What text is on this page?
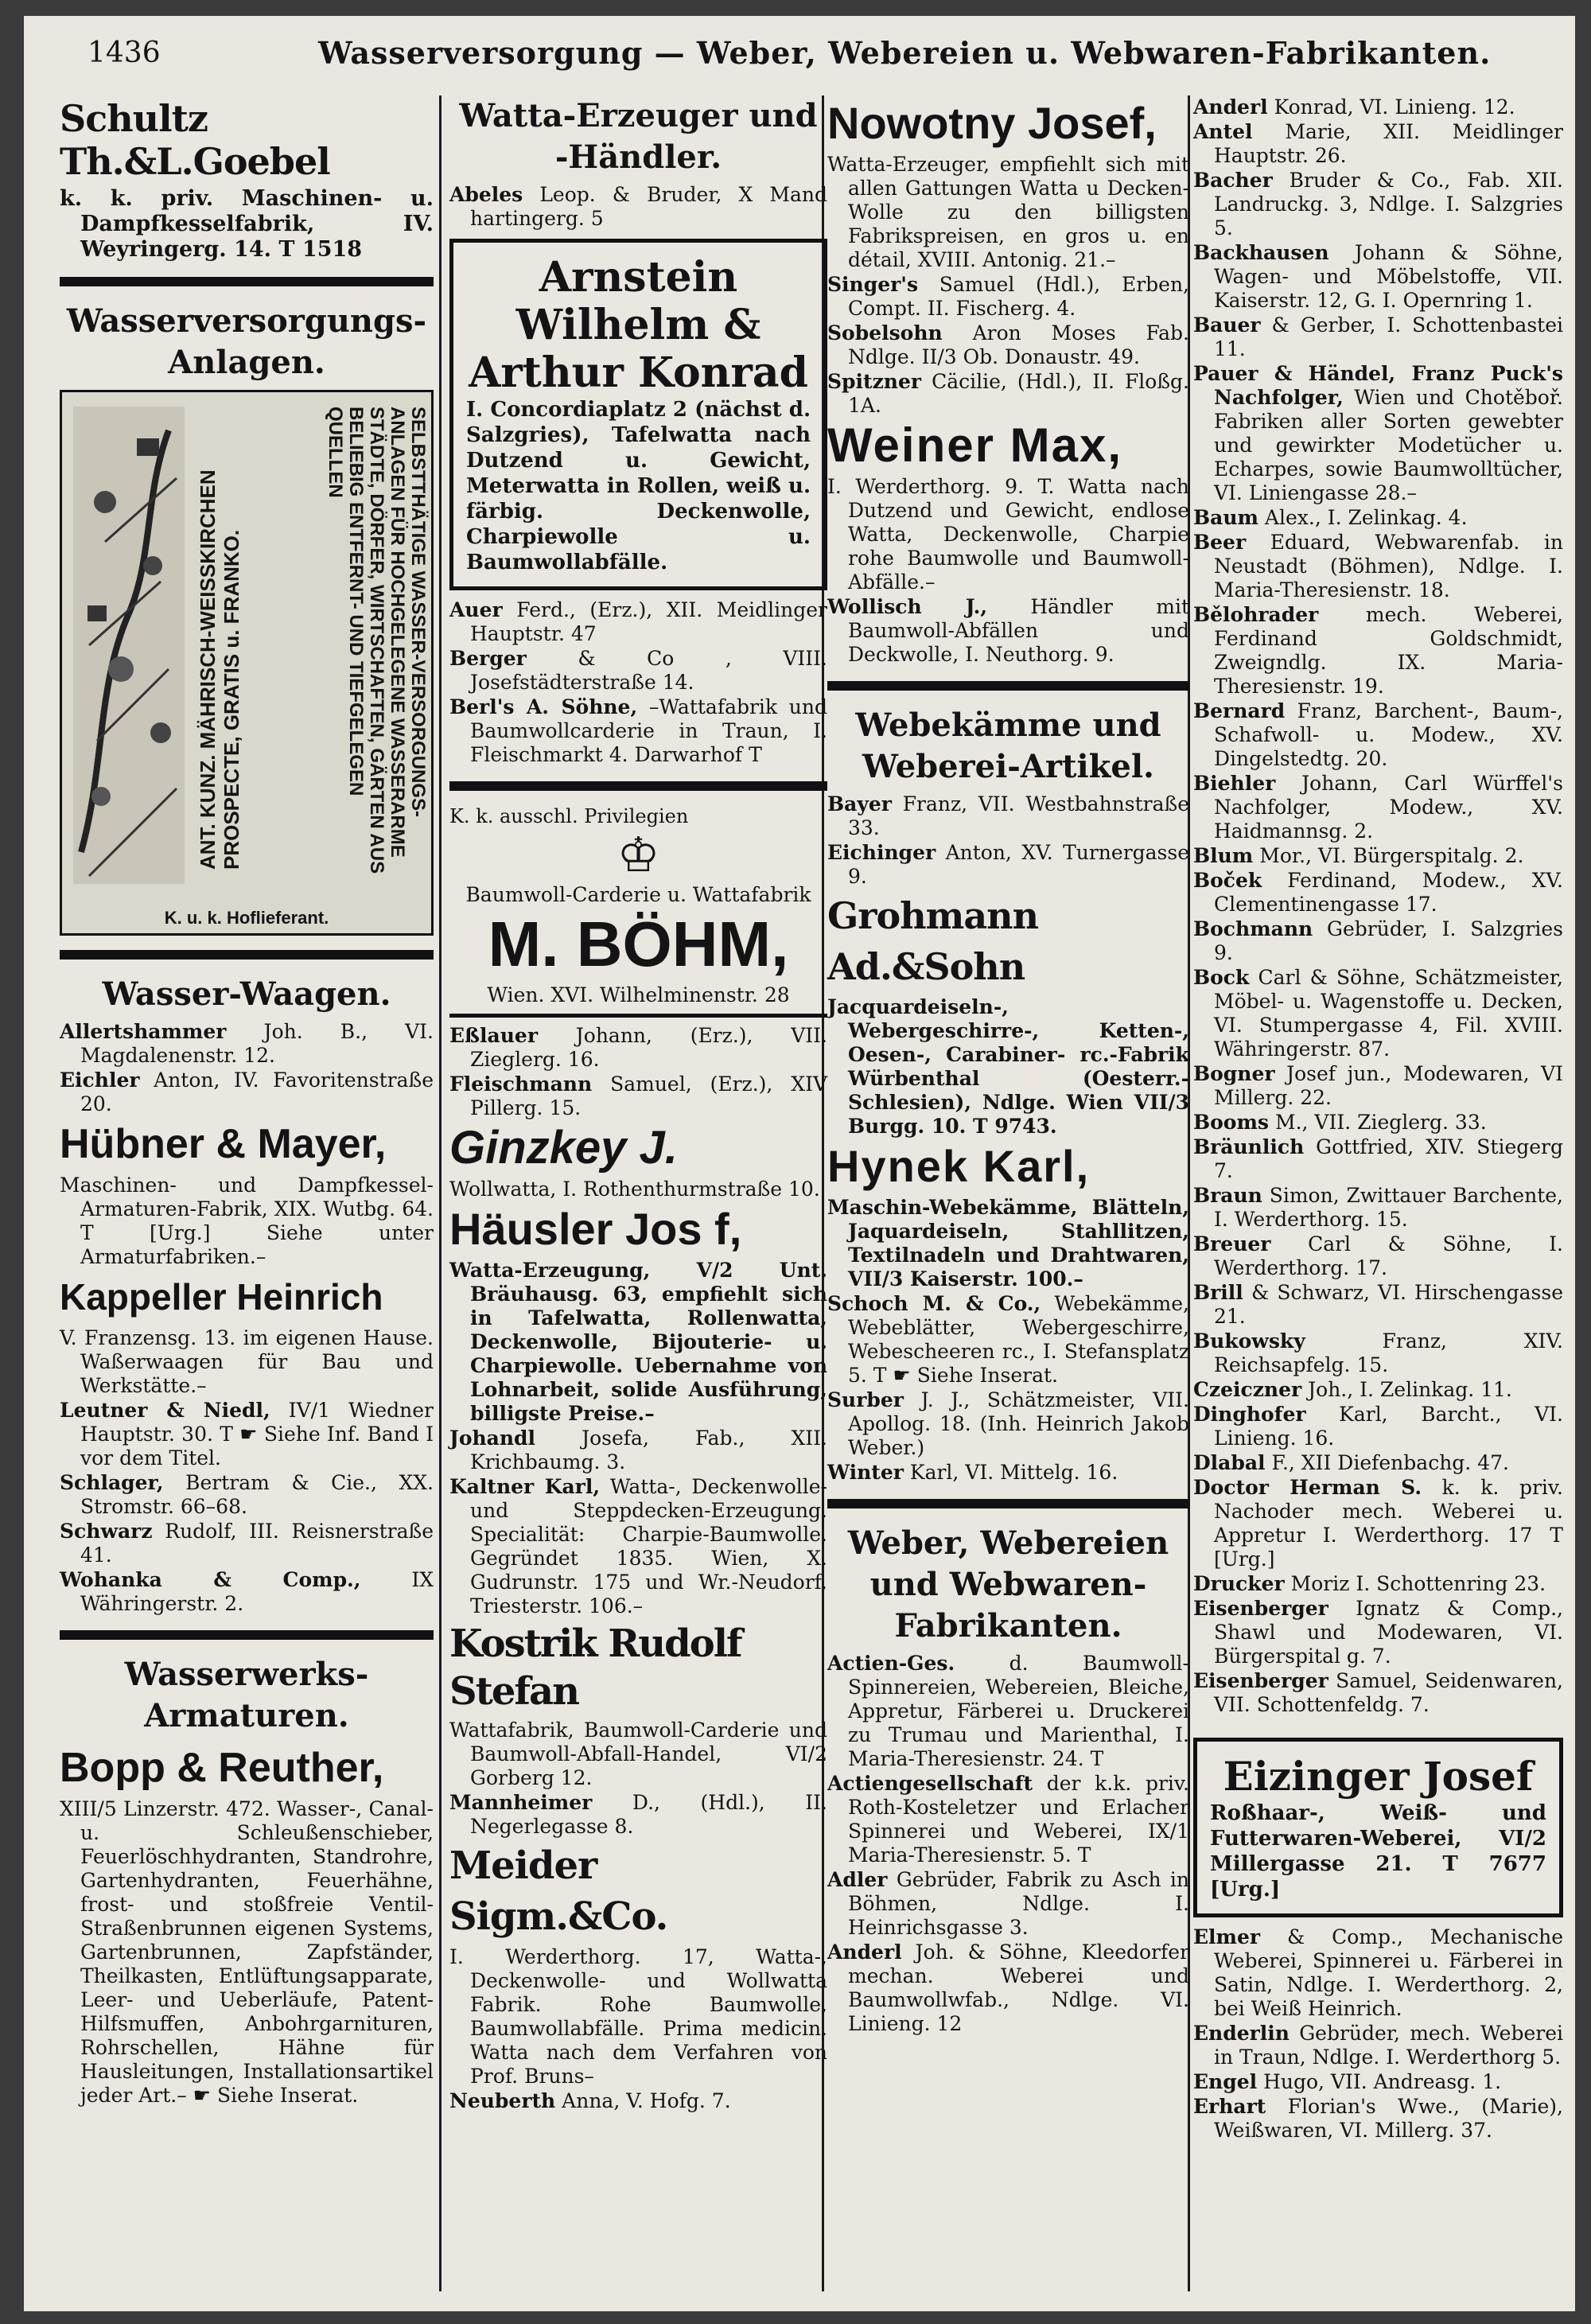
1436	Wasserversorgung — Weber, Webereien u. Webwaren-Fabrikanten.
Schultz Th.&L.Goebel
k. k. priv. Maschinen- u. Dampfkesselfabrik, IV. Weyringerg. 14. T 1518
Wasserversorgungs-Anlagen.
ANT. KUNZ. MÄHRISCH-WEISSKIRCHEN PROSPECTE, GRATIS u. FRANKO.	SELBSTTHÄTIGE WASSER-VERSORGUNGS-ANLAGEN FÜR HOCHGELEGENE WASSERARME STÄDTE, DÖRFER, WIRTSCHAFTEN, GÄRTEN AUS BELIEBIG ENTFERNT- UND TIEFGELEGEN QUELLEN
K. u. k. Hoflieferant.
Wasser-Waagen.

Allertshammer Joh. B., VI. Magdalenenstr. 12.

Eichler Anton, IV. Favoritenstraße 20.

Hübner & Mayer,

Maschinen- und Dampfkessel-Armaturen-Fabrik, XIX. Wutbg. 64. T [Urg.] Siehe unter Armaturfabriken.–

Kappeller Heinrich

V. Franzensg. 13. im eigenen Hause. Waßerwaagen für Bau und Werkstätte.–

Leutner & Niedl, IV/1 Wiedner Hauptstr. 30. T ☛ Siehe Inf. Band I vor dem Titel.

Schlager, Bertram & Cie., XX. Stromstr. 66–68.

Schwarz Rudolf, III. Reisnerstraße 41.

Wohanka & Comp.,	IX Währingerstr. 2.

Wasserwerks-Armaturen.
Bopp & Reuther,

XIII/5 Linzerstr. 472. Wasser-, Canal- u. Schleußenschieber, Feuerlöschhydranten, Standrohre, Gartenhydranten, Feuerhähne, frost- und stoßfreie Ventil-Straßenbrunnen eigenen Systems, Gartenbrunnen, Zapfständer, Theilkasten, Entlüftungsapparate, Leer- und Ueberläufe, Patent-Hilfsmuffen, Anbohrgarnituren, Rohrschellen, Hähne für Hausleitungen, Installationsartikel jeder Art.– ☛ Siehe Inserat.

Watta-Erzeuger und -Händler.

Abeles Leop. & Bruder, X Mand hartingerg. 5

Arnstein Wilhelm & Arthur Konrad
I. Concordiaplatz 2 (nächst d. Salzgries), Tafelwatta nach Dutzend u. Gewicht, Meterwatta in Rollen, weiß u. färbig. Deckenwolle, Charpiewolle u. Baumwollabfälle.

Auer Ferd., (Erz.), XII. Meidlinger Hauptstr. 47

Berger	& Co , VIII. Josefstädterstraße 14.

Berl's A. Söhne, –Wattafabrik und Baumwollcarderie in Traun, I. Fleischmarkt 4. Darwarhof T

K. k. ausschl. Privilegien
♔

Baumwoll-Carderie u. Wattafabrik

M. BÖHM,

Wien. XVI. Wilhelminenstr. 28

Eßlauer Johann, (Erz.), VII. Zieglerg. 16.

Fleischmann Samuel, (Erz.), XIV Pillerg. 15.

Ginzkey J.

Wollwatta, I. Rothenthurmstraße 10.

Häusler Jos f,

Watta-Erzeugung, V/2 Unt. Bräuhausg. 63, empfiehlt sich in Tafelwatta, Rollenwatta, Deckenwolle, Bijouterie- u. Charpiewolle. Uebernahme von Lohnarbeit, solide Ausführung, billigste Preise.–

Johandl Josefa, Fab., XII. Krichbaumg. 3.

Kaltner Karl, Watta-, Deckenwolle- und Steppdecken-Erzeugung. Specialität: Charpie-Baumwolle. Gegründet 1835. Wien, X. Gudrunstr. 175 und Wr.-Neudorf, Triesterstr. 106.–

Kostrik Rudolf Stefan

Wattafabrik, Baumwoll-Carderie und Baumwoll-Abfall-Handel, VI/2 Gorberg 12.

Mannheimer D., (Hdl.), II. Negerlegasse 8.

Meider Sigm.&Co.

I. Werderthorg. 17, Watta-, Deckenwolle- und Wollwatta Fabrik. Rohe Baumwolle, Baumwollabfälle. Prima medicin. Watta nach dem Verfahren von Prof. Bruns–

Neuberth Anna, V. Hofg. 7.

Nowotny Josef,

Watta-Erzeuger, empfiehlt sich mit allen Gattungen Watta u Decken-Wolle zu den billigsten Fabrikspreisen, en gros u. en détail, XVIII. Antonig. 21.–

Singer's Samuel (Hdl.), Erben, Compt. II. Fischerg. 4.

Sobelsohn Aron Moses Fab. Ndlge. II/3 Ob. Donaustr. 49.

Spitzner Cäcilie, (Hdl.), II. Floßg. 1A.

Weiner Max,

I. Werderthorg. 9. T. Watta nach Dutzend und Gewicht, endlose Watta, Deckenwolle, Charpie rohe Baumwolle und Baumwoll-Abfälle.–

Wollisch J., Händler mit Baumwoll-Abfällen und Deckwolle, I. Neuthorg. 9.

Webekämme und Weberei-Artikel.

Bayer Franz, VII. Westbahnstraße 33.

Eichinger Anton, XV. Turnergasse 9.

Grohmann Ad.&Sohn

Jacquardeiseln-, Webergeschirre-, Ketten-, Oesen-, Carabiner- rc.-Fabrik Würbenthal (Oesterr.-Schlesien), Ndlge. Wien VII/3 Burgg. 10. T 9743.

Hynek Karl,

Maschin-Webekämme, Blätteln, Jaquardeiseln, Stahllitzen, Textilnadeln und Drahtwaren, VII/3 Kaiserstr. 100.–

Schoch M. & Co., Webekämme, Webeblätter, Webergeschirre, Webescheeren rc., I. Stefansplatz 5. T ☛ Siehe Inserat.

Surber J. J., Schätzmeister, VII. Apollog. 18. (Inh. Heinrich Jakob Weber.)

Winter Karl, VI. Mittelg. 16.

Weber, Webereien und Webwaren-Fabrikanten.

Actien-Ges.	d. Baumwoll-Spinnereien, Webereien, Bleiche, Appretur, Färberei u. Druckerei zu Trumau und Marienthal, I. Maria-Theresienstr. 24. T

Actiengesellschaft der k.k. priv. Roth-Kosteletzer und Erlacher Spinnerei und Weberei, IX/1 Maria-Theresienstr. 5. T

Adler Gebrüder, Fabrik zu Asch in Böhmen, Ndlge. I. Heinrichsgasse 3.

Anderl Joh. & Söhne, Kleedorfer mechan. Weberei und Baumwollwfab., Ndlge. VI. Linieng. 12

Anderl Konrad, VI. Linieng. 12.

Antel Marie, XII. Meidlinger Hauptstr. 26.

Bacher Bruder & Co., Fab. XII. Landruckg. 3, Ndlge. I. Salzgries 5.

Backhausen Johann & Söhne, Wagen- und Möbelstoffe, VII. Kaiserstr. 12, G. I. Opernring 1.

Bauer & Gerber, I. Schottenbastei 11.

Pauer & Händel, Franz Puck's Nachfolger, Wien und Chotěboř. Fabriken aller Sorten gewebter und gewirkter Modetücher u. Echarpes, sowie Baumwolltücher, VI. Liniengasse 28.–

Baum Alex., I. Zelinkag. 4.

Beer Eduard, Webwarenfab. in Neustadt (Böhmen), Ndlge. I. Maria-Theresienstr. 18.

Bělohrader mech. Weberei, Ferdinand Goldschmidt, Zweigndlg. IX. Maria-Theresienstr. 19.

Bernard Franz, Barchent-, Baum-, Schafwoll- u. Modew., XV. Dingelstedtg. 20.

Biehler Johann, Carl Würffel's Nachfolger, Modew., XV. Haidmannsg. 2.

Blum Mor., VI. Bürgerspitalg. 2.

Boček Ferdinand, Modew., XV. Clementinengasse 17.

Bochmann Gebrüder, I. Salzgries 9.

Bock Carl & Söhne, Schätzmeister, Möbel- u. Wagenstoffe u. Decken, VI. Stumpergasse 4, Fil. XVIII. Währingerstr. 87.

Bogner Josef jun., Modewaren, VI Millerg. 22.

Booms M., VII. Zieglerg. 33.

Bräunlich Gottfried, XIV. Stiegerg 7.

Braun Simon, Zwittauer Barchente, I. Werderthorg. 15.

Breuer Carl & Söhne, I. Werderthorg. 17.

Brill & Schwarz, VI. Hirschengasse 21.

Bukowsky	Franz, XIV. Reichsapfelg. 15.

Czeiczner Joh., I. Zelinkag. 11.

Dinghofer Karl, Barcht., VI. Linieng. 16.

Dlabal F., XII Diefenbachg. 47.

Doctor Herman S. k. k. priv. Nachoder mech. Weberei u. Appretur I. Werderthorg. 17 T [Urg.]

Drucker Moriz I. Schottenring 23.

Eisenberger Ignatz & Comp., Shawl und Modewaren, VI. Bürgerspital g. 7.

Eisenberger Samuel, Seidenwaren, VII. Schottenfeldg. 7.

Eizinger Josef
Roßhaar-, Weiß- und Futterwaren-Weberei, VI/2 Millergasse 21. T 7677 [Urg.]

Elmer & Comp., Mechanische Weberei, Spinnerei u. Färberei in Satin, Ndlge. I. Werderthorg. 2, bei Weiß Heinrich.

Enderlin Gebrüder, mech. Weberei in Traun, Ndlge. I. Werderthorg 5.

Engel Hugo, VII. Andreasg. 1.

Erhart Florian's Wwe., (Marie), Weißwaren, VI. Millerg. 37.
